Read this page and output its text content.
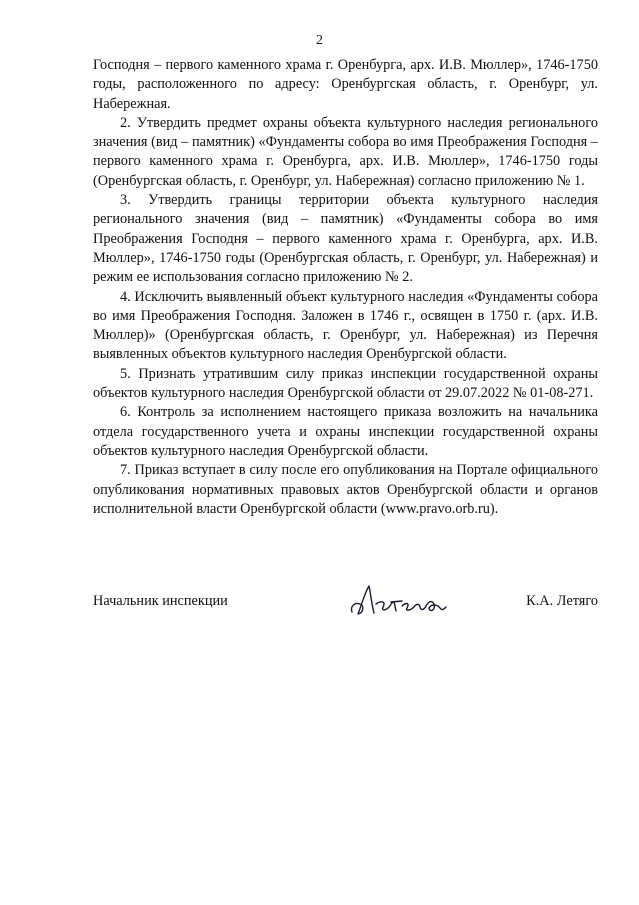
2

Господня – первого каменного храма г. Оренбурга, арх. И.В. Мюллер», 1746-1750 годы, расположенного по адресу: Оренбургская область, г. Оренбург, ул. Набережная.

2. Утвердить предмет охраны объекта культурного наследия регионального значения (вид – памятник) «Фундаменты собора во имя Преображения Господня – первого каменного храма г. Оренбурга, арх. И.В. Мюллер», 1746-1750 годы (Оренбургская область, г. Оренбург, ул. Набережная) согласно приложению № 1.

3. Утвердить границы территории объекта культурного наследия регионального значения (вид – памятник) «Фундаменты собора во имя Преображения Господня – первого каменного храма г. Оренбурга, арх. И.В. Мюллер», 1746-1750 годы (Оренбургская область, г. Оренбург, ул. Набережная) и режим ее использования согласно приложению № 2.

4. Исключить выявленный объект культурного наследия «Фундаменты собора во имя Преображения Господня. Заложен в 1746 г., освящен в 1750 г. (арх. И.В. Мюллер)» (Оренбургская область, г. Оренбург, ул. Набережная) из Перечня выявленных объектов культурного наследия Оренбургской области.

5. Признать утратившим силу приказ инспекции государственной охраны объектов культурного наследия Оренбургской области от 29.07.2022 № 01-08-271.

6. Контроль за исполнением настоящего приказа возложить на начальника отдела государственного учета и охраны инспекции государственной охраны объектов культурного наследия Оренбургской области.

7. Приказ вступает в силу после его опубликования на Портале официального опубликования нормативных правовых актов Оренбургской области и органов исполнительной власти Оренбургской области (www.pravo.orb.ru).

Начальник инспекции	К.А. Летяго
